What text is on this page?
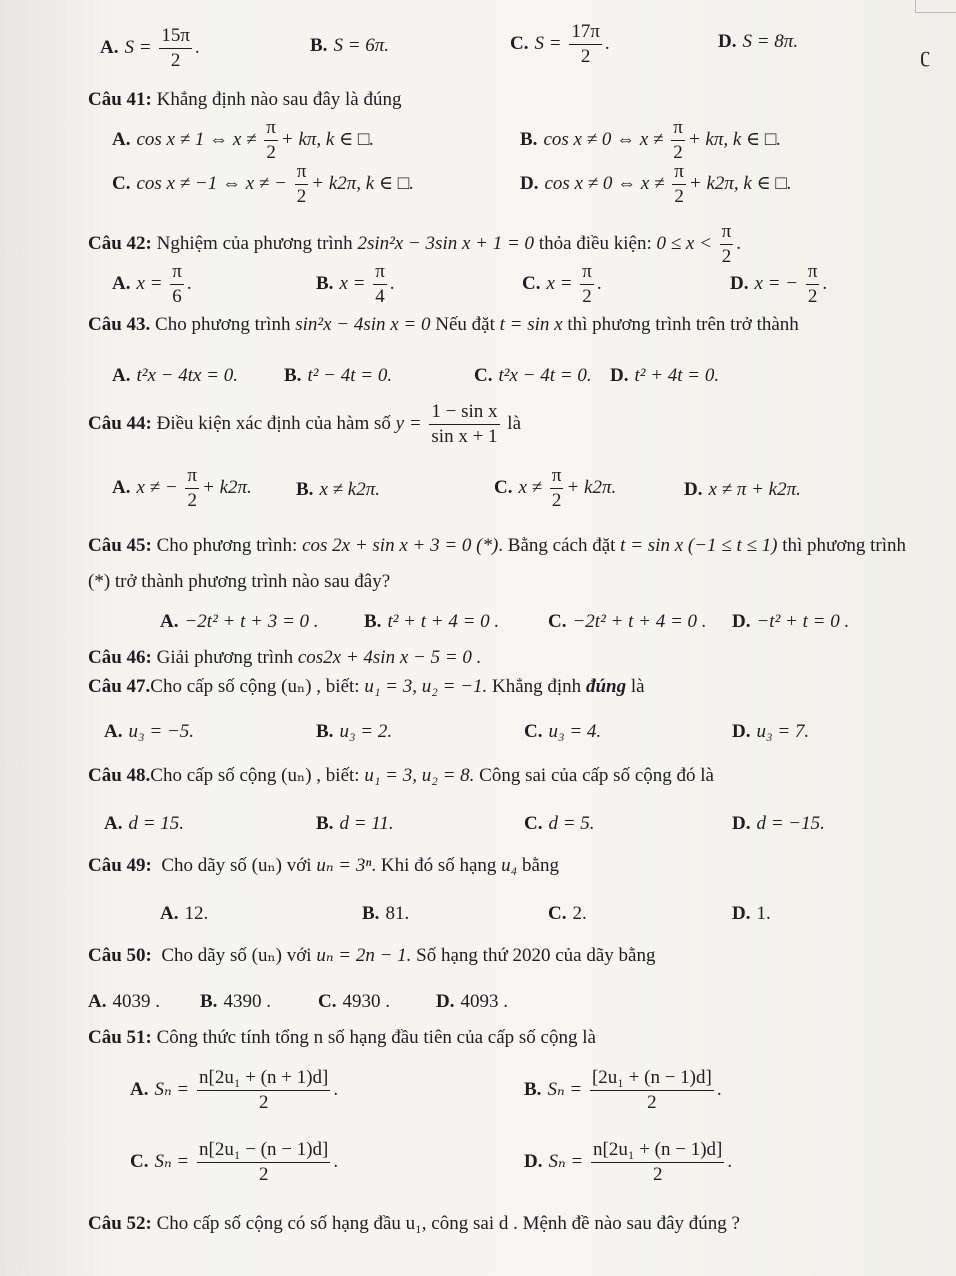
ʗ
A. $S = \frac{15\pi}{2}$ .	B. S = 6π.	C. $S = \frac{17\pi}{2}$ .	D. S = 8π.
Câu 41: Khẳng định nào sau đây là đúng
A. cos x ≠ 1 ⇔ $x \ne \frac{\pi}{2} + k\pi$, k ∈ □.	B. cos x ≠ 0 ⇔ $x \ne \frac{\pi}{2} + k\pi$, k ∈ □.
C. cos x ≠ −1 ⇔ x ≠ − $\frac{\pi}{2} + k2\pi$, k ∈ □.	D. cos x ≠ 0 ⇔ $x \ne \frac{\pi}{2} + k2\pi$, k ∈ □.
Câu 42: Nghiệm của phương trình 2sin²x − 3sin x + 1 = 0 thỏa điều kiện: $0 \le x < \frac{\pi}{2}$ .
A. $x = \frac{\pi}{6}$ .	B. $x = \frac{\pi}{4}$ .	C. $x = \frac{\pi}{2}$ .	D. x = − $\frac{\pi}{2}$ .
Câu 43. Cho phương trình sin²x − 4sin x = 0 Nếu đặt t = sin x thì phương trình trên trở thành
A. t²x − 4tx = 0. B. t² − 4t = 0.	C. t²x − 4t = 0. D. t² + 4t = 0.
Câu 44: Điều kiện xác định của hàm số $y = \frac{\text{1 − sin x}}{\text{sin x + 1}}$ là
A. x ≠ − $\frac{\pi}{2} + k2\pi$. B. x ≠ k2π.	C. $x \ne \frac{\pi}{2} + k2\pi$.	D. x ≠ π + k2π.
Câu 45: Cho phương trình: cos 2x + sin x + 3 = 0 (*). Bằng cách đặt t = sin x (−1 ≤ t ≤ 1) thì phương trình
(*) trở thành phương trình nào sau đây?
A. −2t² + t + 3 = 0 . B. t² + t + 4 = 0 .	C. −2t² + t + 4 = 0 . D. −t² + t = 0 .
Câu 46: Giải phương trình cos2x + 4sin x − 5 = 0 .
Câu 47.Cho cấp số cộng (uₙ) , biết: u₁ = 3, u₂ = −1. Khẳng định đúng là
A. u₃ = −5.	B. u₃ = 2.	C. u₃ = 4.	D. u₃ = 7.
Câu 48.Cho cấp số cộng (uₙ) , biết: u₁ = 3, u₂ = 8. Công sai của cấp số cộng đó là
A. d = 15.	B. d = 11.	C. d = 5.	D. d = −15.
Câu 49: Cho dãy số (uₙ) với uₙ = 3ⁿ. Khi đó số hạng u₄ bằng
A. 12.	B. 81.	C. 2.	D. 1.
Câu 50: Cho dãy số (uₙ) với uₙ = 2n − 1. Số hạng thứ 2020 của dãy bằng
A. 4039 . B. 4390 . C. 4930 . D. 4093 .
Câu 51: Công thức tính tổng n số hạng đầu tiên của cấp số cộng là
A. $S_n = \frac{\text{n[2u₁ + (n + 1)d]}}{2}$ .	B. $S_n = \frac{\text{[2u₁ + (n − 1)d]}}{2}$ .
C. $S_n = \frac{\text{n[2u₁ − (n − 1)d]}}{2}$ .	D. $S_n = \frac{\text{n[2u₁ + (n − 1)d]}}{2}$ .
Câu 52: Cho cấp số cộng có số hạng đầu u₁, công sai d . Mệnh đề nào sau đây đúng ?
